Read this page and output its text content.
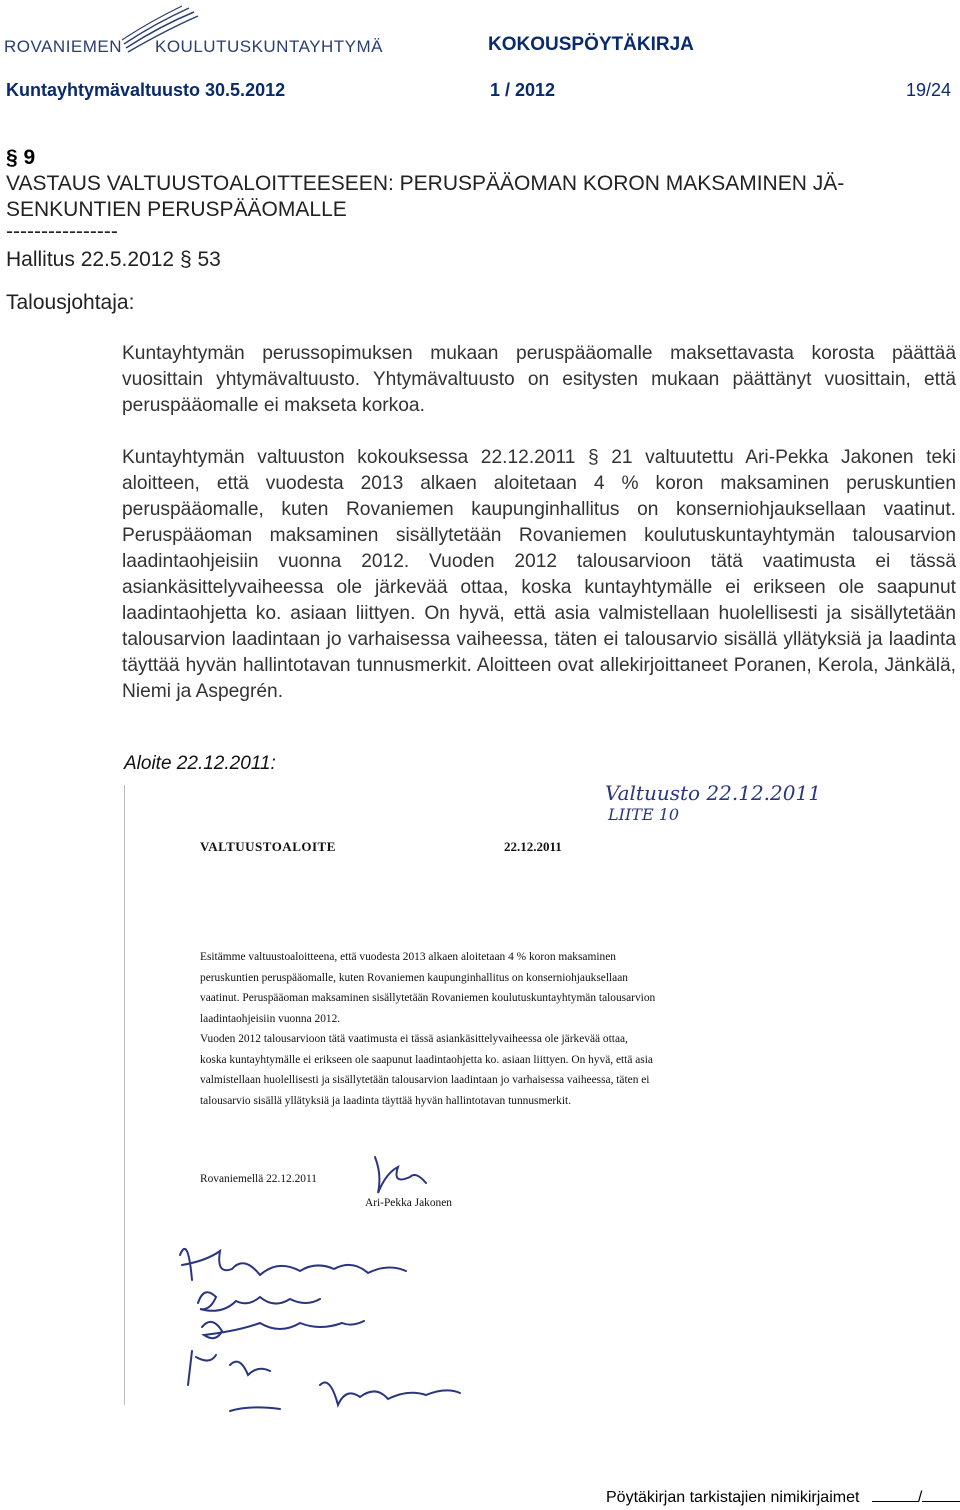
ROVANIEMEN KOULUTUSKUNTAYHTYMÄ	KOKOUSPÖYTÄKIRJA
Kuntayhtymävaltuusto 30.5.2012	1 / 2012	19/24
§ 9
VASTAUS VALTUUSTOALOITTEESEEN: PERUSPÄÄOMAN KORON MAKSAMINEN JÄ-
SENKUNTIEN PERUSPÄÄOMALLE
----------------
Hallitus 22.5.2012 § 53
Talousjohtaja:

Kuntayhtymän perussopimuksen mukaan peruspääomalle maksettavasta korosta päättää vuosittain yhtymävaltuusto. Yhtymävaltuusto on esitysten mukaan päättänyt vuosittain, että peruspääomalle ei makseta korkoa.

Kuntayhtymän valtuuston kokouksessa 22.12.2011 § 21 valtuutettu Ari-Pekka Jakonen teki aloitteen, että vuodesta 2013 alkaen aloitetaan 4 % koron maksaminen peruskuntien peruspääomalle, kuten Rovaniemen kaupunginhallitus on konserniohjauksellaan vaatinut. Peruspääoman maksaminen sisällytetään Rovaniemen koulutuskuntayhtymän talousarvion laadintaohjeisiin vuonna 2012. Vuoden 2012 talousarvioon tätä vaatimusta ei tässä asiankäsittelyvaiheessa ole järkevää ottaa, koska kuntayhtymälle ei erikseen ole saapunut laadintaohjetta ko. asiaan liittyen. On hyvä, että asia valmistellaan huolellisesti ja sisällytetään talousarvion laadintaan jo varhaisessa vaiheessa, täten ei talousarvio sisällä yllätyksiä ja laadinta täyttää hyvän hallintotavan tunnusmerkit. Aloitteen ovat allekirjoittaneet Poranen, Kerola, Jänkälä, Niemi ja Aspegrén.

Aloite 22.12.2011:
Valtuusto 22.12.2011
LIITE 10
VALTUUSTOALOITE	22.12.2011
Esitämme valtuustoaloitteena, että vuodesta 2013 alkaen aloitetaan 4 % koron maksaminen
peruskuntien peruspääomalle, kuten Rovaniemen kaupunginhallitus on konserniohjauksellaan
vaatinut. Peruspääoman maksaminen sisällytetään Rovaniemen koulutuskuntayhtymän talousarvion
laadintaohjeisiin vuonna 2012.
Vuoden 2012 talousarvioon tätä vaatimusta ei tässä asiankäsittelyvaiheessa ole järkevää ottaa,
koska kuntayhtymälle ei erikseen ole saapunut laadintaohjetta ko. asiaan liittyen. On hyvä, että asia
valmistellaan huolellisesti ja sisällytetään talousarvion laadintaan jo varhaisessa vaiheessa, täten ei
talousarvio sisällä yllätyksiä ja laadinta täyttää hyvän hallintotavan tunnusmerkit.
Rovaniemellä 22.12.2011
Ari-Pekka Jakonen
Pöytäkirjan tarkistajien nimikirjaimet	/
